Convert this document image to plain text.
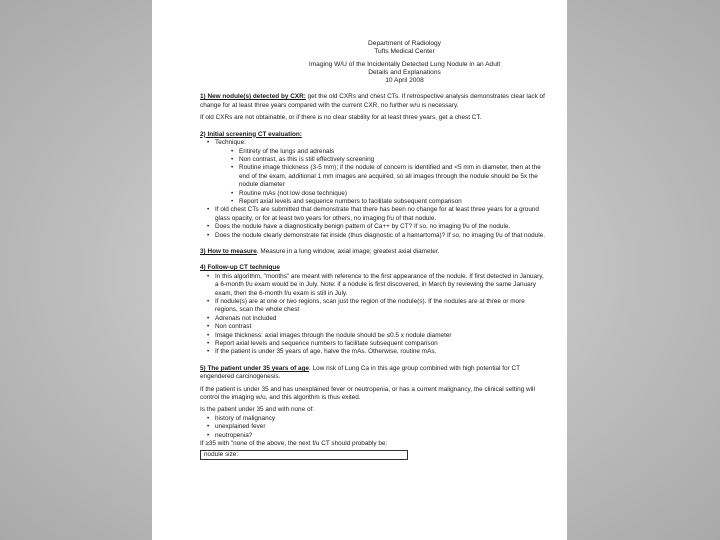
Department of Radiology

Tufts Medical Center

Imaging W/U of the Incidentally Detected Lung Nodule in an Adult

Details and Explanations

10 April 2008

1) New nodule(s) detected by CXR: get the old CXRs and chest CTs. If retrospective analysis demonstrates clear lack of change for at least three years compared with the current CXR, no further w/u is necessary.

If old CXRs are not obtainable, or if there is no clear stability for at least three years, get a chest CT.

2) Initial screening CT evaluation:

• Technique:
• Entirety of the lungs and adrenals
• Non contrast, as this is still effectively screening
• Routine image thickness (3-5 mm); if the nodule of concern is identified and <5 mm in diameter, then at the end of the exam, additional 1 mm images are acquired, so all images through the nodule should be 5x the nodule diameter
• Routine mAs (not low dose technique)
• Report axial levels and sequence numbers to facilitate subsequent comparison
• If old chest CTs are submitted that demonstrate that there has been no change for at least three years for a ground glass opacity, or for at least two years for others, no imaging f/u of that nodule.
• Does the nodule have a diagnostically benign pattern of Ca++ by CT? If so, no imaging f/u of the nodule.
• Does the nodule clearly demonstrate fat inside (thus diagnostic of a hamartoma)? If so, no imaging f/u of that nodule.

3) How to measure. Measure in a lung window, axial image; greatest axial diameter.

4) Follow-up CT technique

• In this algorithm, "months" are meant with reference to the first appearance of the nodule. If first detected in January, a 6-month f/u exam would be in July. Note: if a nodule is first discovered, in March by reviewing the same January exam, then the 6-month f/u exam is still in July.
• If nodule(s) are at one or two regions, scan just the region of the nodule(s). If the nodules are at three or more regions, scan the whole chest
• Adrenals not included
• Non contrast
• Image thickness: axial images through the nodule should be ≤0.5 x nodule diameter
• Report axial levels and sequence numbers to facilitate subsequent comparison
• If the patient is under 35 years of age, halve the mAs. Otherwise, routine mAs.

5) The patient under 35 years of age. Low risk of Lung Ca in this age group combined with high potential for CT engendered carcinogenesis.

If the patient is under 35 and has unexplained fever or neutropenia, or has a current malignancy, the clinical setting will control the imaging w/u, and this algorithm is thus exited.

Is the patient under 35 and with none of:

• history of malignancy
• unexplained fever
• neutropenia?

If ≥35 with "none of the above, the next f/u CT should probably be:

nodule size:
